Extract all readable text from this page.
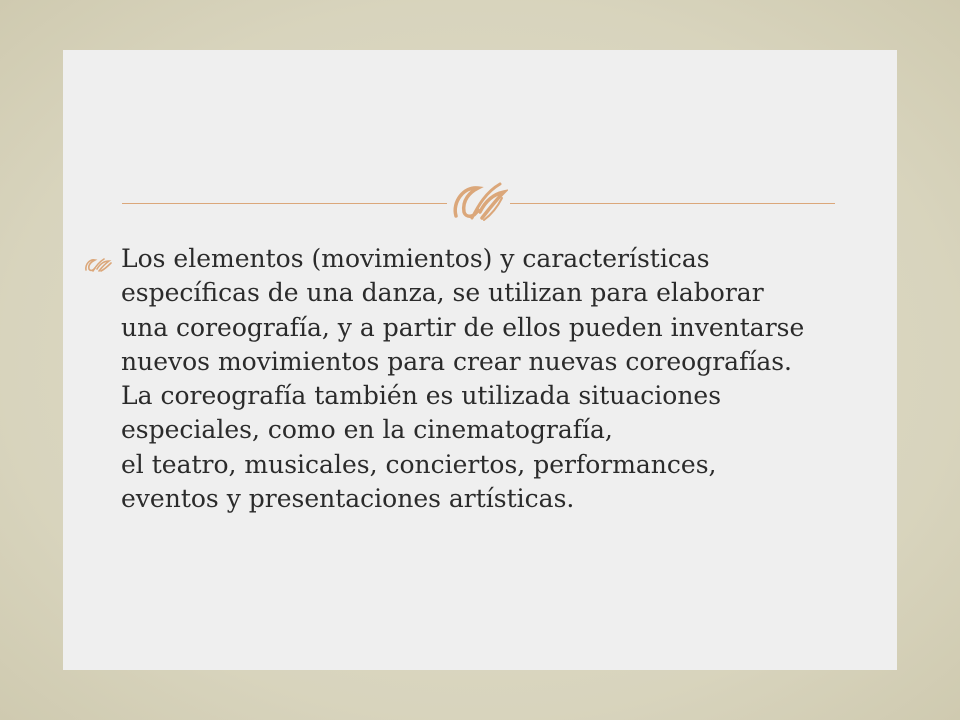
Los elementos (movimientos) y características
específicas de una danza, se utilizan para elaborar
una coreografía, y a partir de ellos pueden inventarse
nuevos movimientos para crear nuevas coreografías.
La coreografía también es utilizada situaciones
especiales, como en la cinematografía,
el teatro, musicales, conciertos, performances,
eventos y presentaciones artísticas.
